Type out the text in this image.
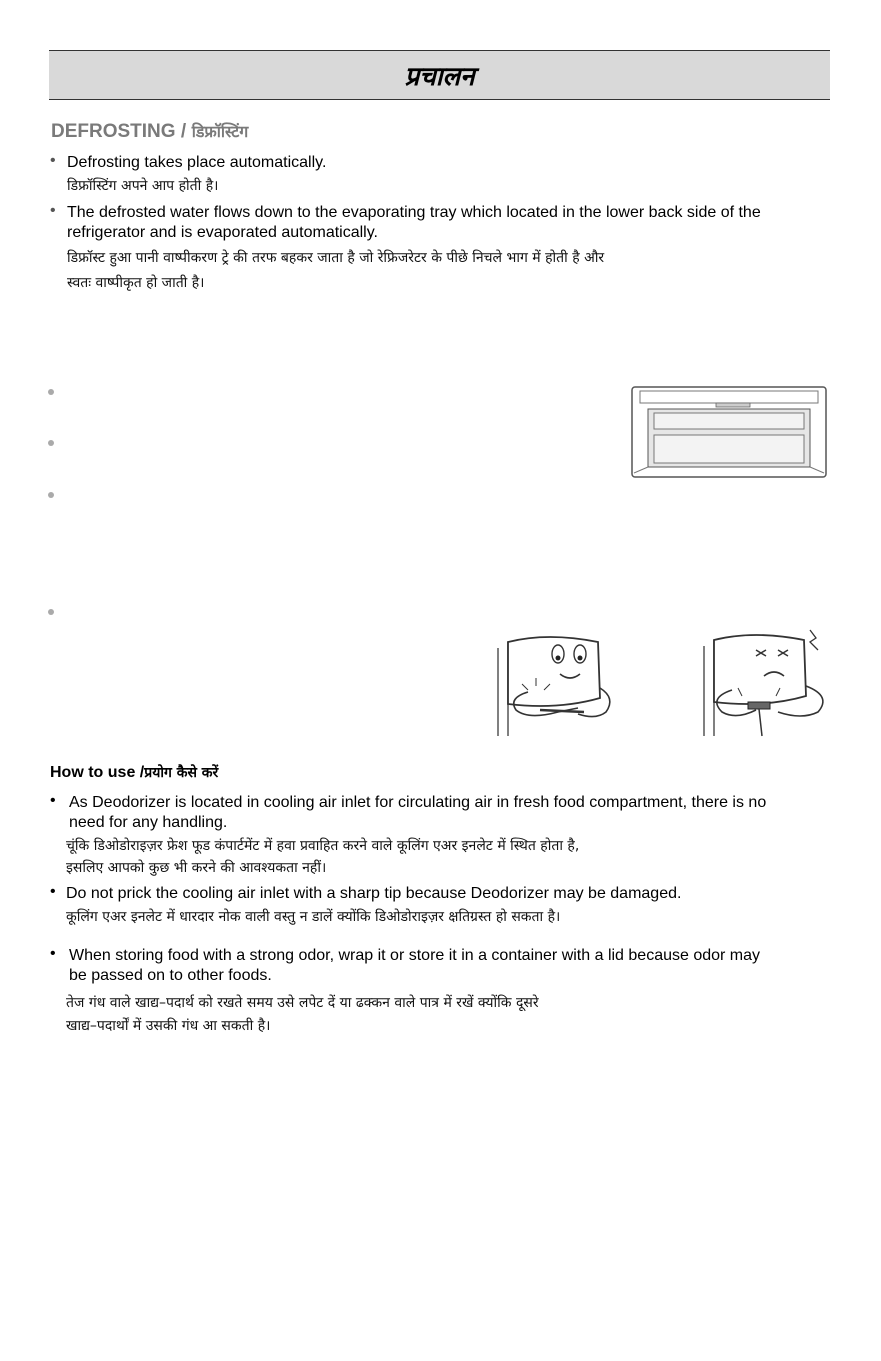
प्रचालन
DEFROSTING / डिफ्रॉस्टिंग
• Defrosting takes place automatically.
डिफ्रॉस्टिंग अपने आप होती है।
• The defrosted water flows down to the evaporating tray which located in the lower back side of the
refrigerator and is evaporated automatically.
डिफ्रॉस्ट हुआ पानी वाष्पीकरण ट्रे की तरफ बहकर जाता है जो रेफ्रिजरेटर के पीछे निचले भाग में होती है और
स्वतः वाष्पीकृत हो जाती है।
How to use /प्रयोग कैसे करें
• As Deodorizer is located in cooling air inlet for circulating air in fresh food compartment, there is no
need for any handling.
चूंकि डिओडोराइज़र फ्रेश फूड कंपार्टमेंट में हवा प्रवाहित करने वाले कूलिंग एअर इनलेट में स्थित होता है,
इसलिए आपको कुछ भी करने की आवश्यकता नहीं।
• Do not prick the cooling air inlet with a sharp tip because Deodorizer may be damaged.
कूलिंग एअर इनलेट में धारदार नोक वाली वस्तु न डालें क्योंकि डिओडोराइज़र क्षतिग्रस्त हो सकता है।
• When storing food with a strong odor, wrap it or store it in a container with a lid because odor may
be passed on to other foods.
तेज गंध वाले खाद्य–पदार्थ को रखते समय उसे लपेट दें या ढक्कन वाले पात्र में रखें क्योंकि दूसरे
खाद्य–पदार्थों में उसकी गंध आ सकती है।
